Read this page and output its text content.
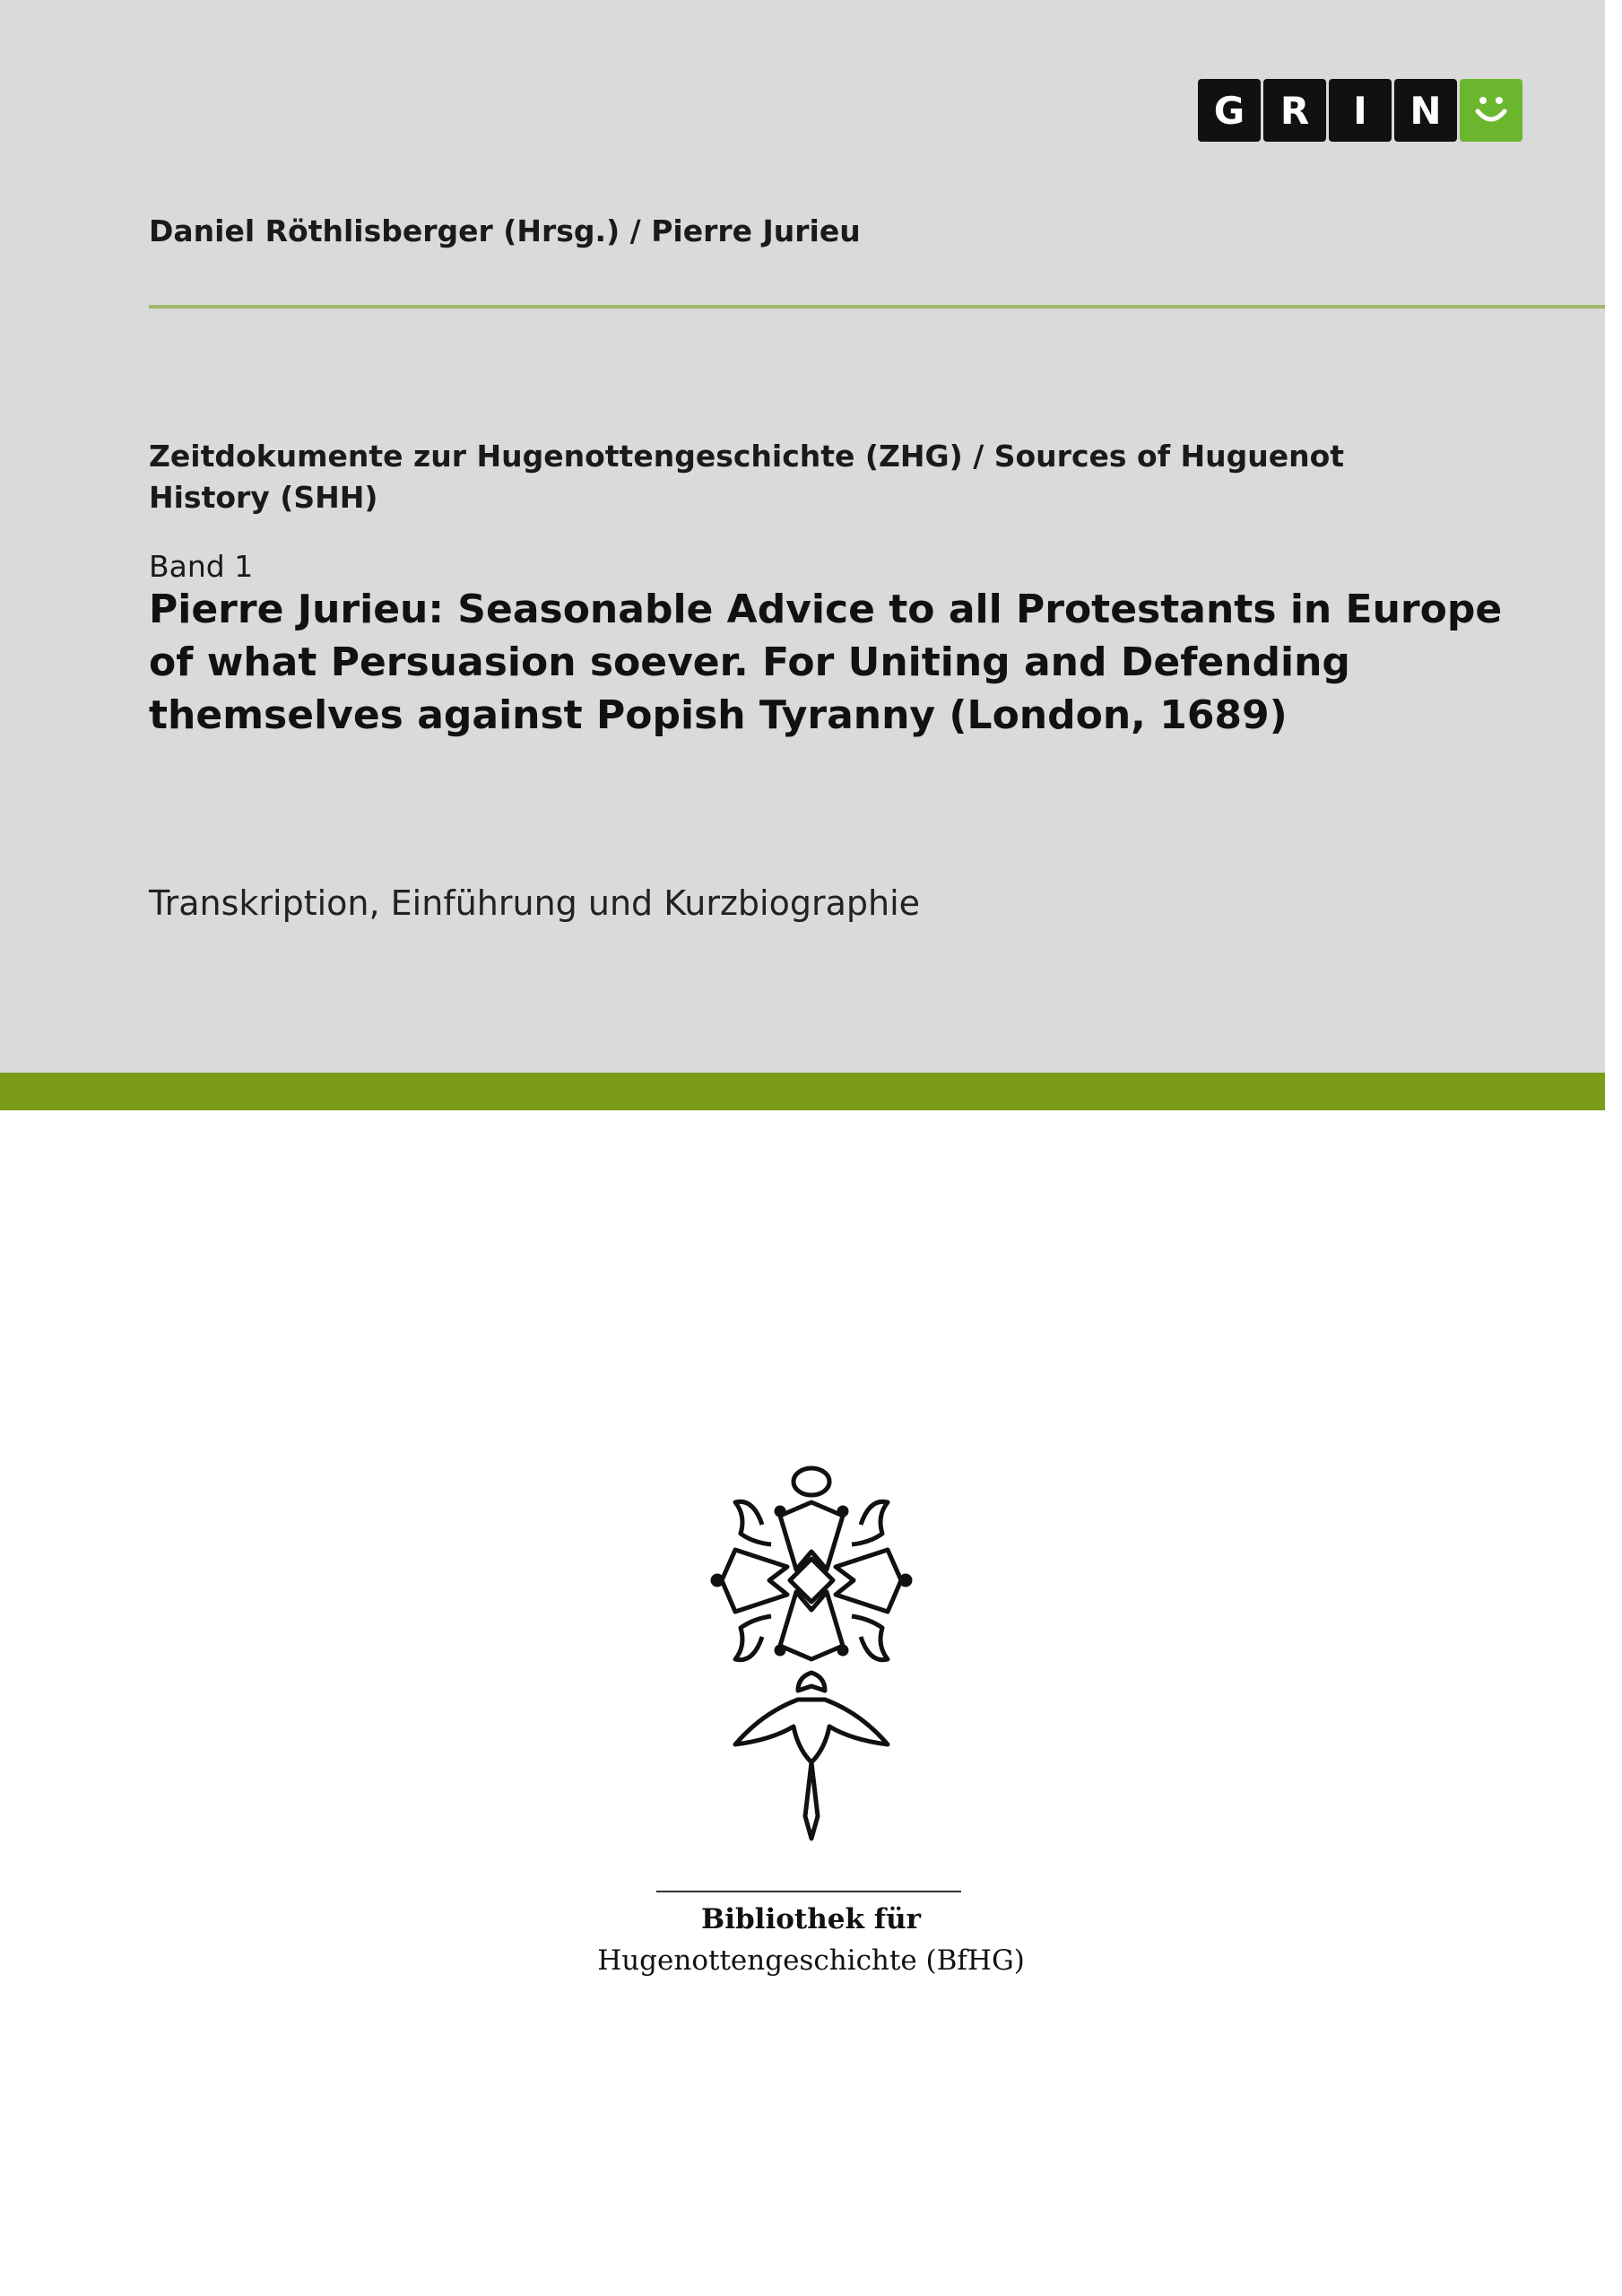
G R	I	N
Daniel Röthlisberger (Hrsg.) / Pierre Jurieu
Zeitdokumente zur Hugenottengeschichte (ZHG) / Sources of Huguenot History (SHH)
Band 1
Pierre Jurieu: Seasonable Advice to all Protestants in Europe of what Persuasion soever. For Uniting and Defending themselves against Popish Tyranny (London, 1689)
Transkription, Einführung und Kurzbiographie
Bibliothek für
Hugenottengeschichte (BfHG)
